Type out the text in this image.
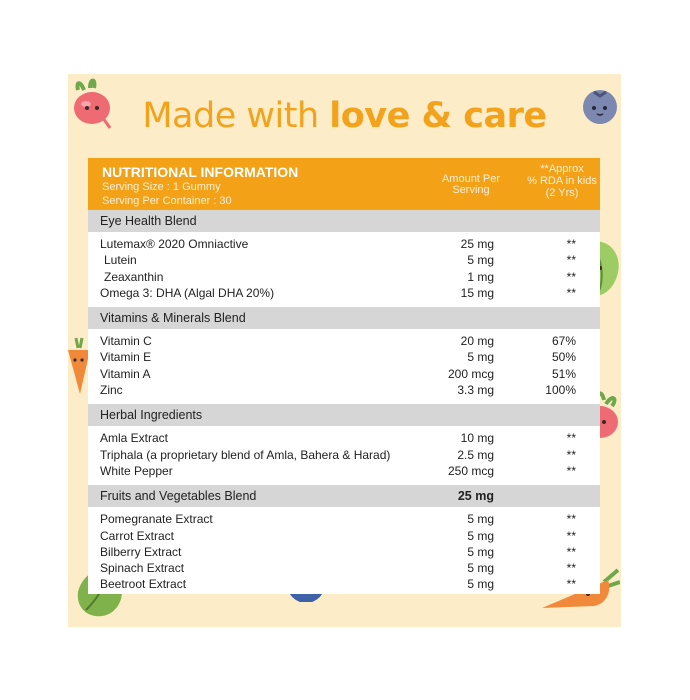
Made with love & care
NUTRITIONAL INFORMATION
Serving Size : 1 Gummy
Serving Per Container : 30
Amount Per
Serving
**Approx
% RDA in kids
(2 Yrs)
Eye Health Blend
Lutemax® 2020 Omniactive	25 mg	**
Lutein	5 mg	**
Zeaxanthin	1 mg	**
Omega 3: DHA (Algal DHA 20%)	15 mg	**
Vitamins & Minerals Blend
Vitamin C	20 mg	67%
Vitamin E	5 mg	50%
Vitamin A	200 mcg	51%
Zinc	3.3 mg	100%
Herbal Ingredients
Amla Extract	10 mg	**
Triphala (a proprietary blend of Amla, Bahera & Harad)	2.5 mg	**
White Pepper	250 mcg	**
Fruits and Vegetables Blend	25 mg
Pomegranate Extract	5 mg	**
Carrot Extract	5 mg	**
Bilberry Extract	5 mg	**
Spinach Extract	5 mg	**
Beetroot Extract	5 mg	**
